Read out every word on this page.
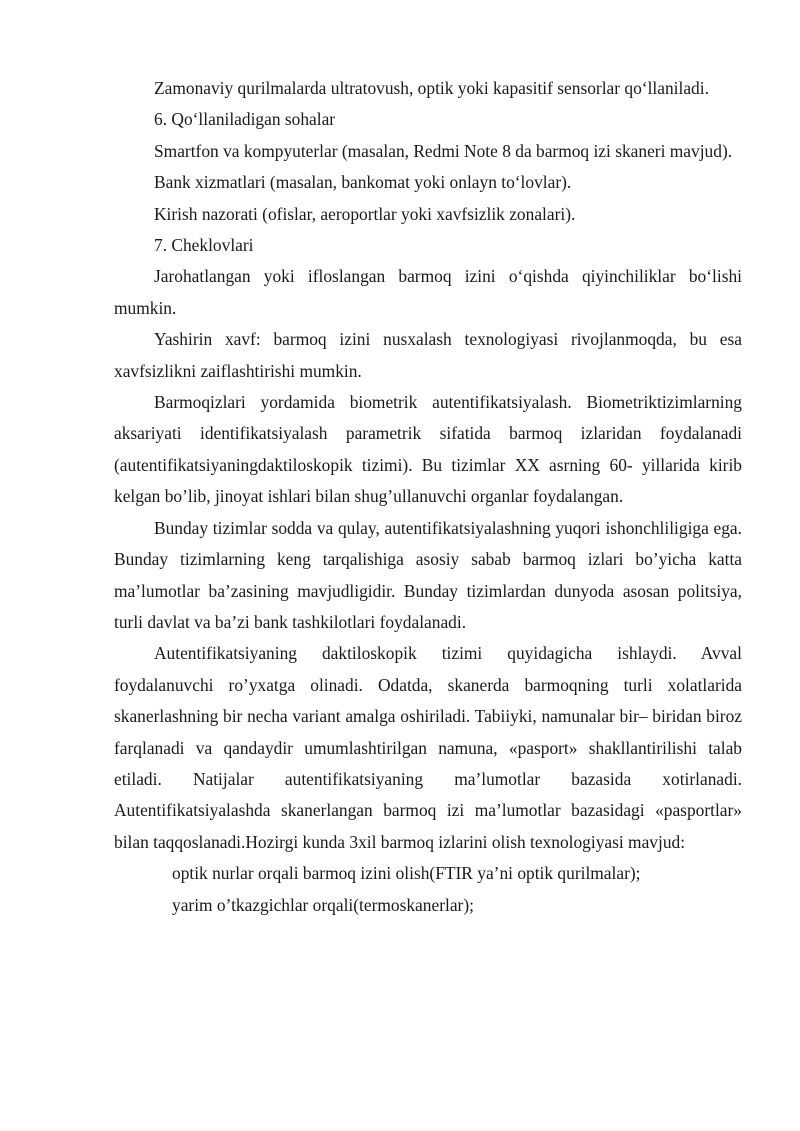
Zamonaviy qurilmalarda ultratovush, optik yoki kapasitif sensorlar qo‘llaniladi.

6. Qo‘llaniladigan sohalar

Smartfon va kompyuterlar (masalan, Redmi Note 8 da barmoq izi skaneri mavjud).

Bank xizmatlari (masalan, bankomat yoki onlayn to‘lovlar).

Kirish nazorati (ofislar, aeroportlar yoki xavfsizlik zonalari).

7. Cheklovlari

Jarohatlangan yoki ifloslangan barmoq izini o‘qishda qiyinchiliklar bo‘lishi mumkin.

Yashirin xavf: barmoq izini nusxalash texnologiyasi rivojlanmoqda, bu esa xavfsizlikni zaiflashtirishi mumkin.

Barmoqizlari yordamida biometrik autentifikatsiyalash. Biometriktizimlarning aksariyati identifikatsiyalash parametrik sifatida barmoq izlaridan foydalanadi (autentifikatsiyaningdaktiloskopik tizimi). Bu tizimlar XX asrning 60- yillarida kirib kelgan bo’lib, jinoyat ishlari bilan shug’ullanuvchi organlar foydalangan.

Bunday tizimlar sodda va qulay, autentifikatsiyalashning yuqori ishonchliligiga ega. Bunday tizimlarning keng tarqalishiga asosiy sabab barmoq izlari bo’yicha katta ma’lumotlar ba’zasining mavjudligidir. Bunday tizimlardan dunyoda asosan politsiya, turli davlat va ba’zi bank tashkilotlari foydalanadi.

Autentifikatsiyaning daktiloskopik tizimi quyidagicha ishlaydi. Avval foydalanuvchi ro’yxatga olinadi. Odatda, skanerda barmoqning turli xolatlarida skanerlashning bir necha variant amalga oshiriladi. Tabiiyki, namunalar bir– biridan biroz farqlanadi va qandaydir umumlashtirilgan namuna, «pasport» shakllantirilishi talab etiladi. Natijalar autentifikatsiyaning ma’lumotlar bazasida xotirlanadi. Autentifikatsiyalashda skanerlangan barmoq izi ma’lumotlar bazasidagi «pasportlar» bilan taqqoslanadi.Hozirgi kunda 3xil barmoq izlarini olish texnologiyasi mavjud:

optik nurlar orqali barmoq izini olish(FTIR ya’ni optik qurilmalar);

yarim o’tkazgichlar orqali(termoskanerlar);
